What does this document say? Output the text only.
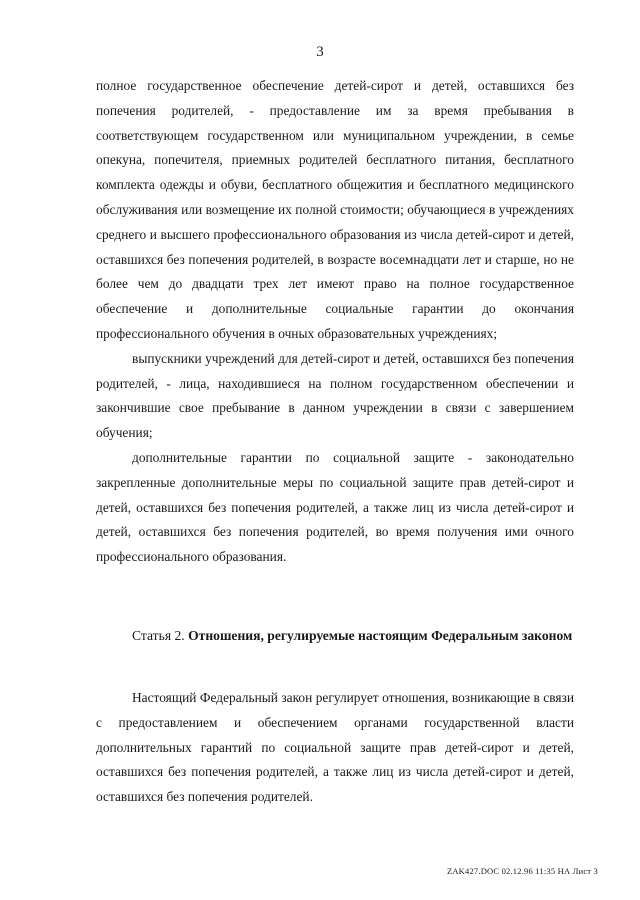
3

полное государственное обеспечение детей-сирот и детей, оставшихся без попечения родителей, - предоставление им за время пребывания в соответствующем государственном или муниципальном учреждении, в семье опекуна, попечителя, приемных родителей бесплатного питания, бесплатного комплекта одежды и обуви, бесплатного общежития и бесплатного медицинского обслуживания или возмещение их полной стоимости; обучающиеся в учреждениях среднего и высшего профессионального образования из числа детей-сирот и детей, оставшихся без попечения родителей, в возрасте восемнадцати лет и старше, но не более чем до двадцати трех лет имеют право на полное государственное обеспечение и дополнительные социальные гарантии до окончания профессионального обучения в очных образовательных учреждениях;

выпускники учреждений для детей-сирот и детей, оставшихся без попечения родителей, - лица, находившиеся на полном государственном обеспечении и закончившие свое пребывание в данном учреждении в связи с завершением обучения;

дополнительные гарантии по социальной защите - законодательно закрепленные дополнительные меры по социальной защите прав детей-сирот и детей, оставшихся без попечения родителей, а также лиц из числа детей-сирот и детей, оставшихся без попечения родителей, во время получения ими очного профессионального образования.

Статья 2. Отношения, регулируемые настоящим Федеральным законом

Настоящий Федеральный закон регулирует отношения, возникающие в связи с предоставлением и обеспечением органами государственной власти дополнительных гарантий по социальной защите прав детей-сирот и детей, оставшихся без попечения родителей, а также лиц из числа детей-сирот и детей, оставшихся без попечения родителей.

ZAK427.DOC 02.12.96 11:35 НА Лист 3
